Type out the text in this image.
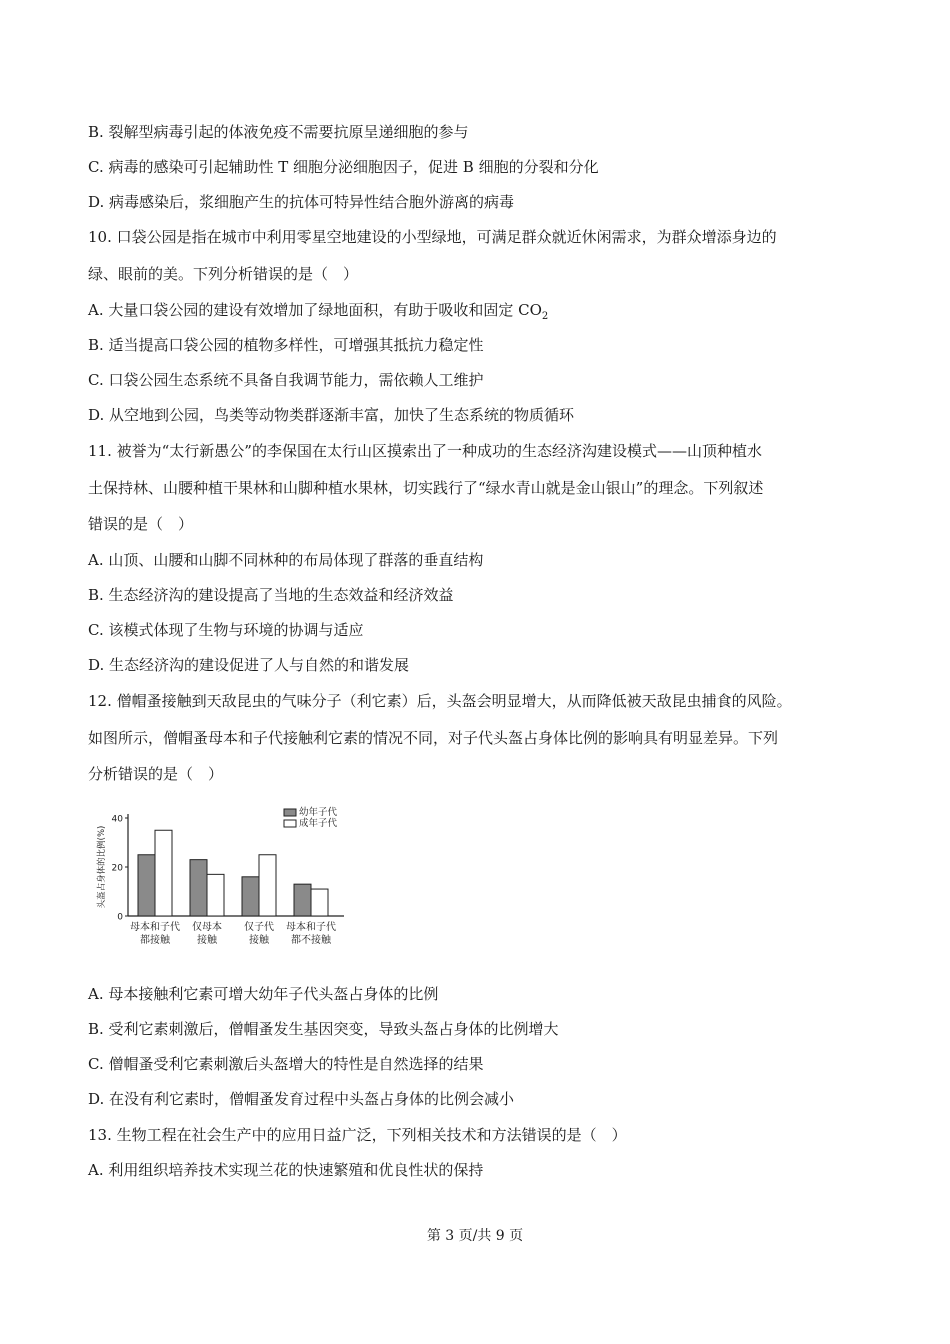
B. 裂解型病毒引起的体液免疫不需要抗原呈递细胞的参与
C. 病毒的感染可引起辅助性 T 细胞分泌细胞因子，促进 B 细胞的分裂和分化
D. 病毒感染后，浆细胞产生的抗体可特异性结合胞外游离的病毒
10. 口袋公园是指在城市中利用零星空地建设的小型绿地，可满足群众就近休闲需求，为群众增添身边的
绿、眼前的美。下列分析错误的是（　）
A. 大量口袋公园的建设有效增加了绿地面积，有助于吸收和固定 $CO_2$
B. 适当提高口袋公园的植物多样性，可增强其抵抗力稳定性
C. 口袋公园生态系统不具备自我调节能力，需依赖人工维护
D. 从空地到公园，鸟类等动物类群逐渐丰富，加快了生态系统的物质循环
11. 被誉为“太行新愚公”的李保国在太行山区摸索出了一种成功的生态经济沟建设模式——山顶种植水
土保持林、山腰种植干果林和山脚种植水果林，切实践行了“绿水青山就是金山银山”的理念。下列叙述
错误的是（　）
A. 山顶、山腰和山脚不同林种的布局体现了群落的垂直结构
B. 生态经济沟的建设提高了当地的生态效益和经济效益
C. 该模式体现了生物与环境的协调与适应
D. 生态经济沟的建设促进了人与自然的和谐发展
12. 僧帽蚤接触到天敌昆虫的气味分子（利它素）后，头盔会明显增大，从而降低被天敌昆虫捕食的风险。
如图所示，僧帽蚤母本和子代接触利它素的情况不同，对子代头盔占身体比例的影响具有明显差异。下列
分析错误的是（　）
A. 母本接触利它素可增大幼年子代头盔占身体的比例
B. 受利它素刺激后，僧帽蚤发生基因突变，导致头盔占身体的比例增大
C. 僧帽蚤受利它素刺激后头盔增大的特性是自然选择的结果
D. 在没有利它素时，僧帽蚤发育过程中头盔占身体的比例会减小
13. 生物工程在社会生产中的应用日益广泛，下列相关技术和方法错误的是（　）
A. 利用组织培养技术实现兰花的快速繁殖和优良性状的保持
0
20
40
头盔占身体的比例(%)
母本和子代
都接触
仅母本
接触
仅子代
接触
母本和子代
都不接触
幼年子代
成年子代
第 3 页/共 9 页
